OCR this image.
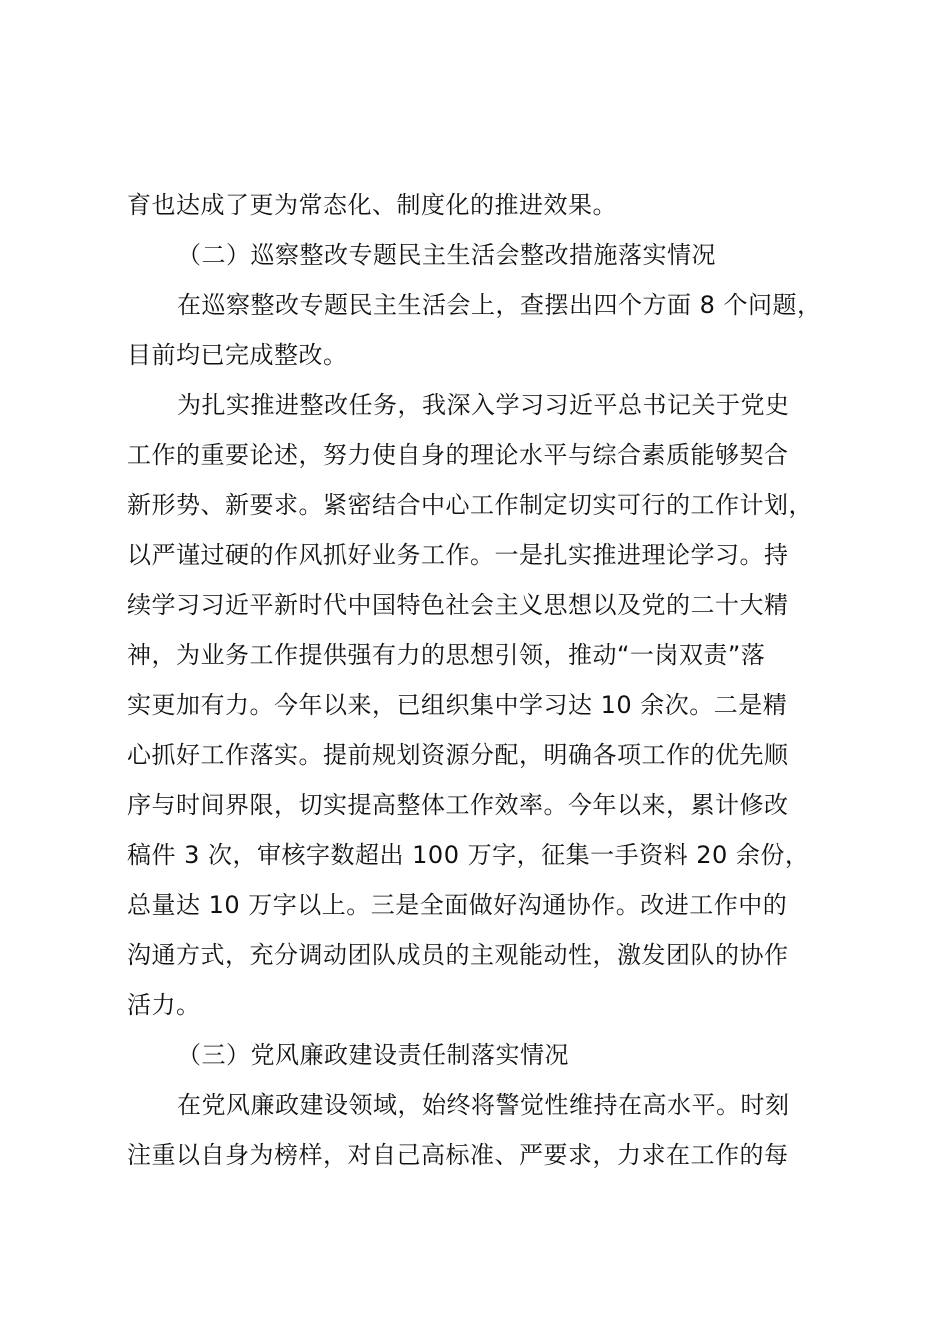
育也达成了更为常态化、制度化的推进效果。
（二）巡察整改专题民主生活会整改措施落实情况
在巡察整改专题民主生活会上，查摆出四个方面 8 个问题，
目前均已完成整改。
为扎实推进整改任务，我深入学习习近平总书记关于党史
工作的重要论述，努力使自身的理论水平与综合素质能够契合
新形势、新要求。紧密结合中心工作制定切实可行的工作计划，
以严谨过硬的作风抓好业务工作。一是扎实推进理论学习。持
续学习习近平新时代中国特色社会主义思想以及党的二十大精
神，为业务工作提供强有力的思想引领，推动“一岗双责”落
实更加有力。今年以来，已组织集中学习达 10 余次。二是精
心抓好工作落实。提前规划资源分配，明确各项工作的优先顺
序与时间界限，切实提高整体工作效率。今年以来，累计修改
稿件 3 次，审核字数超出 100 万字，征集一手资料 20 余份，
总量达 10 万字以上。三是全面做好沟通协作。改进工作中的
沟通方式，充分调动团队成员的主观能动性，激发团队的协作
活力。
（三）党风廉政建设责任制落实情况
在党风廉政建设领域，始终将警觉性维持在高水平。时刻
注重以自身为榜样，对自己高标准、严要求，力求在工作的每
